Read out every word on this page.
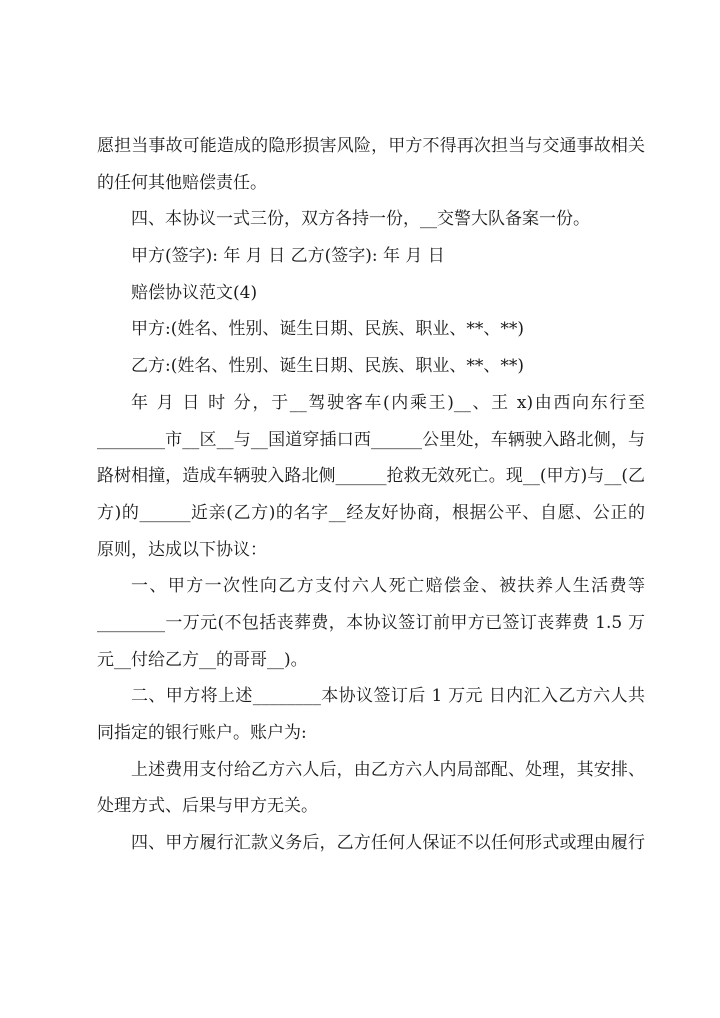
愿担当事故可能造成的隐形损害风险，甲方不得再次担当与交通事故相关
的任何其他赔偿责任。
四、本协议一式三份，双方各持一份，__交警大队备案一份。
甲方(签字): 年 月 日 乙方(签字): 年 月 日
赔偿协议范文(4)
甲方:(姓名、性别、诞生日期、民族、职业、**、**)
乙方:(姓名、性别、诞生日期、民族、职业、**、**)
年 月 日 时 分，于__驾驶客车(内乘王)__、王 x)由西向东行至
________市__区__与__国道穿插口西______公里处，车辆驶入路北侧，与
路树相撞，造成车辆驶入路北侧______抢救无效死亡。现__(甲方)与__(乙
方)的______近亲(乙方)的名字__经友好协商，根据公平、自愿、公正的
原则，达成以下协议：
一、甲方一次性向乙方支付六人死亡赔偿金、被扶养人生活费等
________一万元(不包括丧葬费，本协议签订前甲方已签订丧葬费 1.5 万
元__付给乙方__的哥哥__)。
二、甲方将上述________本协议签订后 1 万元 日内汇入乙方六人共
同指定的银行账户。账户为:
上述费用支付给乙方六人后，由乙方六人内局部配、处理，其安排、
处理方式、后果与甲方无关。
四、甲方履行汇款义务后，乙方任何人保证不以任何形式或理由履行
